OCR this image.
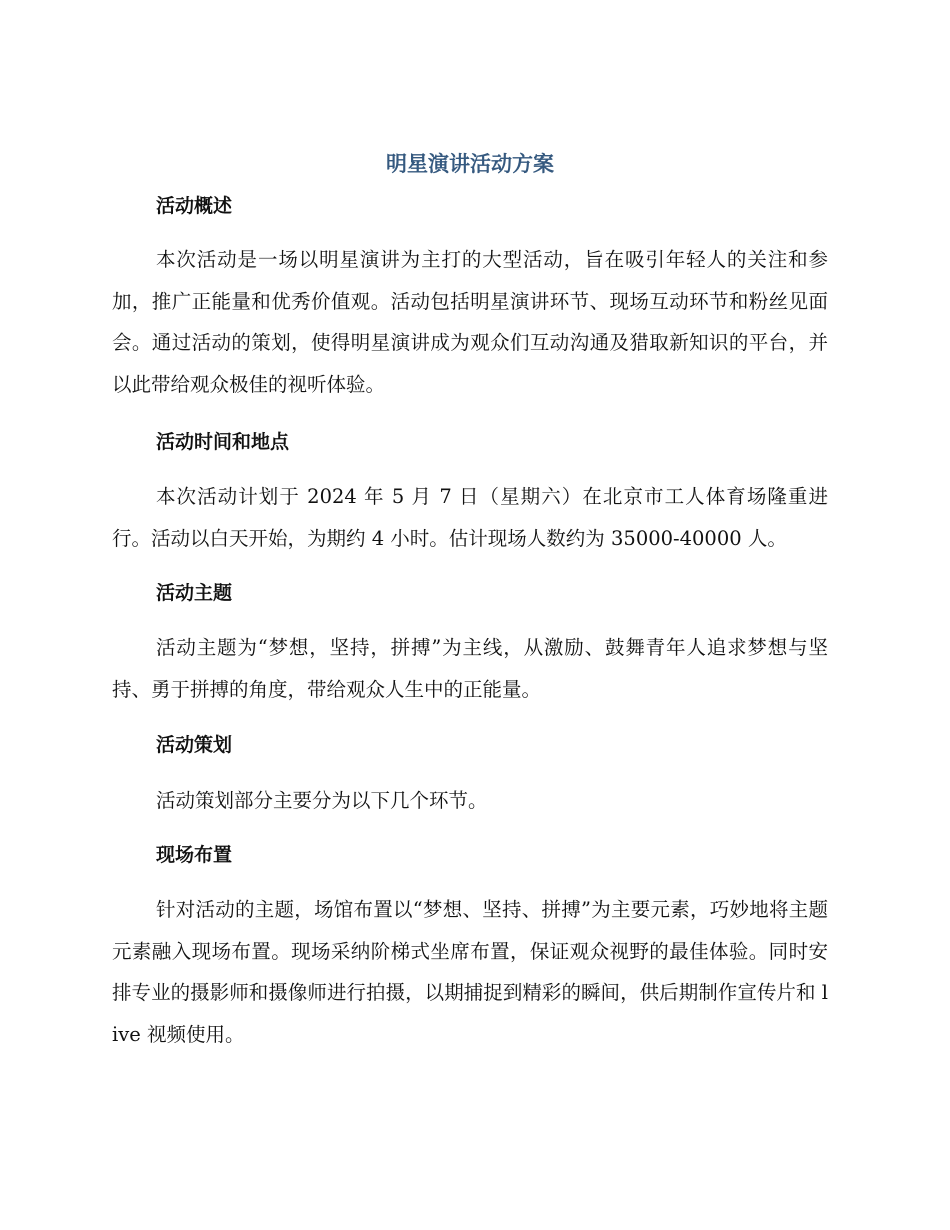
明星演讲活动方案
活动概述
本次活动是一场以明星演讲为主打的大型活动，旨在吸引年轻人的关注和参加，推广正能量和优秀价值观。活动包括明星演讲环节、现场互动环节和粉丝见面会。通过活动的策划，使得明星演讲成为观众们互动沟通及猎取新知识的平台，并以此带给观众极佳的视听体验。
活动时间和地点
本次活动计划于 2024 年 5 月 7 日（星期六）在北京市工人体育场隆重进行。活动以白天开始，为期约 4 小时。估计现场人数约为 35000-40000 人。
活动主题
活动主题为“梦想，坚持，拼搏”为主线，从激励、鼓舞青年人追求梦想与坚持、勇于拼搏的角度，带给观众人生中的正能量。
活动策划
活动策划部分主要分为以下几个环节。
现场布置
针对活动的主题，场馆布置以“梦想、坚持、拼搏”为主要元素，巧妙地将主题元素融入现场布置。现场采纳阶梯式坐席布置，保证观众视野的最佳体验。同时安排专业的摄影师和摄像师进行拍摄，以期捕捉到精彩的瞬间，供后期制作宣传片和 live 视频使用。
